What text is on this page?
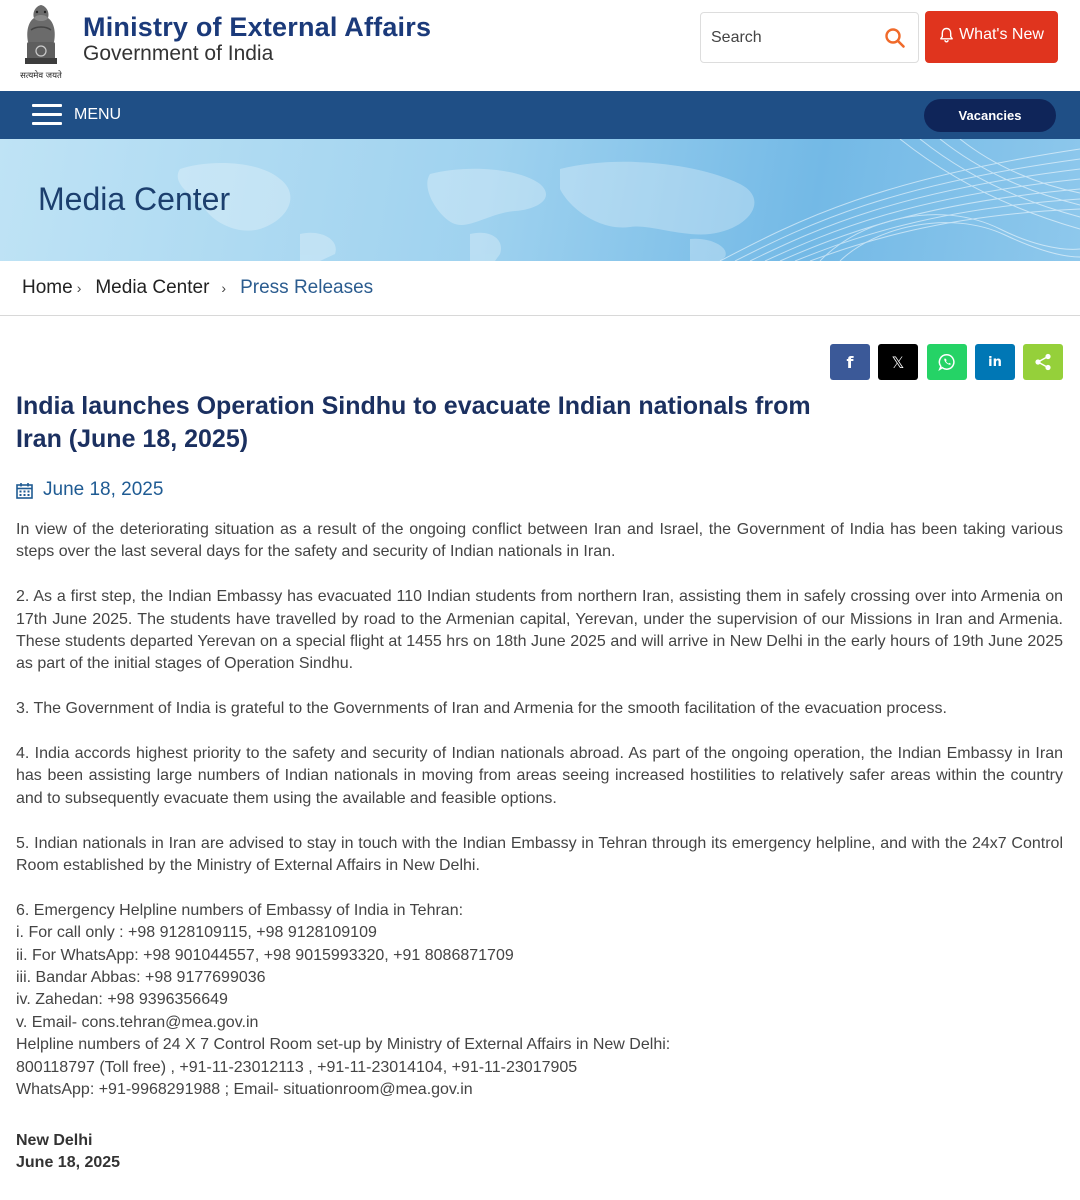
सत्यमेव जयते
Ministry of External Affairs
Government of India
Search
What's New
MENU	Vacancies
Media Center
Home › Media Center › Press Releases
f 𝕏	in
India launches Operation Sindhu to evacuate Indian nationals from
Iran (June 18, 2025)
June 18, 2025

In view of the deteriorating situation as a result of the ongoing conflict between Iran and Israel, the Government of India has been taking various steps over the last several days for the safety and security of Indian nationals in Iran.

2. As a first step, the Indian Embassy has evacuated 110 Indian students from northern Iran, assisting them in safely crossing over into Armenia on 17th June 2025. The students have travelled by road to the Armenian capital, Yerevan, under the supervision of our Missions in Iran and Armenia. These students departed Yerevan on a special flight at 1455 hrs on 18th June 2025 and will arrive in New Delhi in the early hours of 19th June 2025 as part of the initial stages of Operation Sindhu.

3. The Government of India is grateful to the Governments of Iran and Armenia for the smooth facilitation of the evacuation process.

4. India accords highest priority to the safety and security of Indian nationals abroad. As part of the ongoing operation, the Indian Embassy in Iran has been assisting large numbers of Indian nationals in moving from areas seeing increased hostilities to relatively safer areas within the country and to subsequently evacuate them using the available and feasible options.

5. Indian nationals in Iran are advised to stay in touch with the Indian Embassy in Tehran through its emergency helpline, and with the 24x7 Control Room established by the Ministry of External Affairs in New Delhi.

6. Emergency Helpline numbers of Embassy of India in Tehran:
i. For call only : +98 9128109115, +98 9128109109
ii. For WhatsApp: +98 901044557, +98 9015993320, +91 8086871709
iii. Bandar Abbas: +98 9177699036
iv. Zahedan: +98 9396356649
v. Email- cons.tehran@mea.gov.in
Helpline numbers of 24 X 7 Control Room set-up by Ministry of External Affairs in New Delhi:
800118797 (Toll free) , +91-11-23012113 , +91-11-23014104, +91-11-23017905
WhatsApp: +91-9968291988 ; Email- situationroom@mea.gov.in
New Delhi
June 18, 2025
